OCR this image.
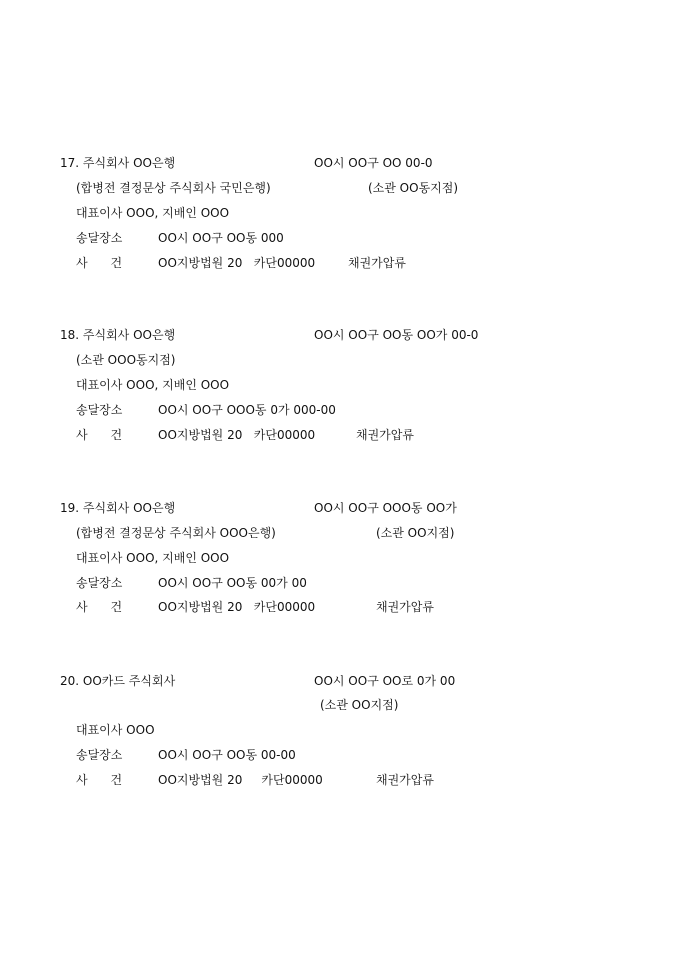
17. 주식회사 OO은행	OO시 OO구 OO 00-0
(합병전 결정문상 주식회사 국민은행)	(소관 OO동지점)
대표이사 OOO, 지배인 OOO
송달장소	OO시 OO구 OO동 000
사      건	OO지방법원 20   카단00000	채권가압류
18. 주식회사 OO은행	OO시 OO구 OO동 OO가 00-0
(소관 OOO동지점)
대표이사 OOO, 지배인 OOO
송달장소	OO시 OO구 OOO동 0가 000-00
사      건	OO지방법원 20   카단00000	채권가압류
19. 주식회사 OO은행	OO시 OO구 OOO동 OO가
(합병전 결정문상 주식회사 OOO은행)	(소관 OO지점)
대표이사 OOO, 지배인 OOO
송달장소	OO시 OO구 OO동 00가 00
사      건	OO지방법원 20   카단00000	채권가압류
20. OO카드 주식회사	OO시 OO구 OO로 0가 00
(소관 OO지점)
대표이사 OOO
송달장소	OO시 OO구 OO동 00-00
사      건	OO지방법원 20     카단00000	채권가압류
